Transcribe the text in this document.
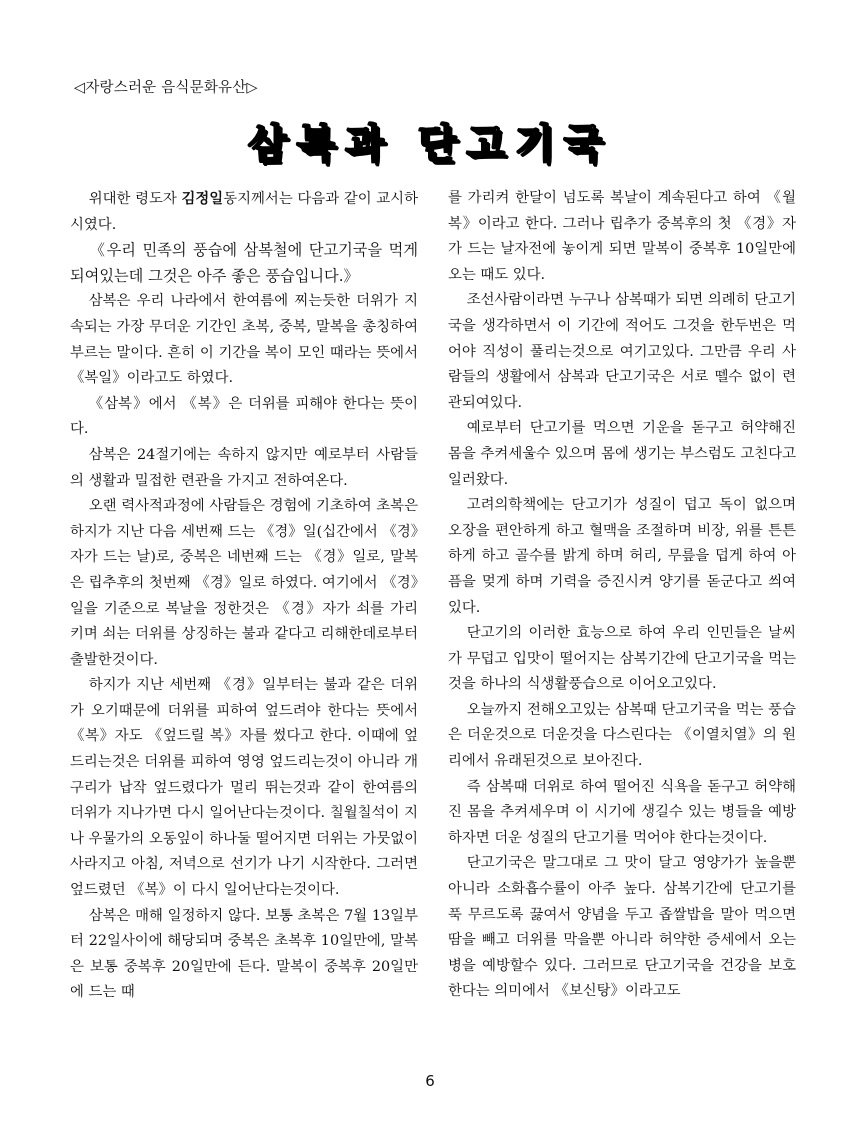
◁자랑스러운 음식문화유산▷
삼복과 단고기국

위대한 령도자 김정일동지께서는 다음과 같이 교시하시였다.

《우리 민족의 풍습에 삼복철에 단고기국을 먹게 되여있는데 그것은 아주 좋은 풍습입니다.》

삼복은 우리 나라에서 한여름에 찌는듯한 더위가 지속되는 가장 무더운 기간인 초복, 중복, 말복을 총칭하여 부르는 말이다. 흔히 이 기간을 복이 모인 때라는 뜻에서 《복일》이라고도 하였다.

《삼복》에서 《복》은 더위를 피해야 한다는 뜻이다.

삼복은 24절기에는 속하지 않지만 예로부터 사람들의 생활과 밀접한 련관을 가지고 전하여온다.

오랜 력사적과정에 사람들은 경험에 기초하여 초복은 하지가 지난 다음 세번째 드는 《경》일(십간에서 《경》자가 드는 날)로, 중복은 네번째 드는 《경》일로, 말복은 립추후의 첫번째 《경》일로 하였다. 여기에서 《경》일을 기준으로 복날을 정한것은 《경》자가 쇠를 가리키며 쇠는 더위를 상징하는 불과 같다고 리해한데로부터 출발한것이다.

하지가 지난 세번째 《경》일부터는 불과 같은 더위가 오기때문에 더위를 피하여 엎드려야 한다는 뜻에서 《복》자도 《엎드릴 복》자를 썼다고 한다. 이때에 엎드리는것은 더위를 피하여 영영 엎드리는것이 아니라 개구리가 납작 엎드렸다가 멀리 뛰는것과 같이 한여름의 더위가 지나가면 다시 일어난다는것이다. 칠월칠석이 지나 우물가의 오동잎이 하나둘 떨어지면 더위는 가뭇없이 사라지고 아침, 저녁으로 선기가 나기 시작한다. 그러면 엎드렸던 《복》이 다시 일어난다는것이다.

삼복은 매해 일정하지 않다. 보통 초복은 7월 13일부터 22일사이에 해당되며 중복은 초복후 10일만에, 말복은 보통 중복후 20일만에 든다. 말복이 중복후 20일만에 드는 때

를 가리켜 한달이 넘도록 복날이 계속된다고 하여 《월복》이라고 한다. 그러나 립추가 중복후의 첫 《경》자가 드는 날자전에 놓이게 되면 말복이 중복후 10일만에 오는 때도 있다.

조선사람이라면 누구나 삼복때가 되면 의례히 단고기국을 생각하면서 이 기간에 적어도 그것을 한두번은 먹어야 직성이 풀리는것으로 여기고있다. 그만큼 우리 사람들의 생활에서 삼복과 단고기국은 서로 뗄수 없이 련관되여있다.

예로부터 단고기를 먹으면 기운을 돋구고 허약해진 몸을 추켜세울수 있으며 몸에 생기는 부스럼도 고친다고 일러왔다.

고려의학책에는 단고기가 성질이 덥고 독이 없으며 오장을 편안하게 하고 혈맥을 조절하며 비장, 위를 튼튼하게 하고 골수를 밝게 하며 허리, 무릎을 덥게 하여 아픔을 멎게 하며 기력을 증진시켜 양기를 돋군다고 씌여있다.

단고기의 이러한 효능으로 하여 우리 인민들은 날씨가 무덥고 입맛이 떨어지는 삼복기간에 단고기국을 먹는것을 하나의 식생활풍습으로 이어오고있다.

오늘까지 전해오고있는 삼복때 단고기국을 먹는 풍습은 더운것으로 더운것을 다스린다는 《이열치열》의 원리에서 유래된것으로 보아진다.

즉 삼복때 더위로 하여 떨어진 식욕을 돋구고 허약해진 몸을 추켜세우며 이 시기에 생길수 있는 병들을 예방하자면 더운 성질의 단고기를 먹어야 한다는것이다.

단고기국은 말그대로 그 맛이 달고 영양가가 높을뿐 아니라 소화흡수률이 아주 높다. 삼복기간에 단고기를 푹 무르도록 끓여서 양념을 두고 좁쌀밥을 말아 먹으면 땀을 빼고 더위를 막을뿐 아니라 허약한 증세에서 오는 병을 예방할수 있다. 그러므로 단고기국을 건강을 보호한다는 의미에서 《보신탕》이라고도

6
